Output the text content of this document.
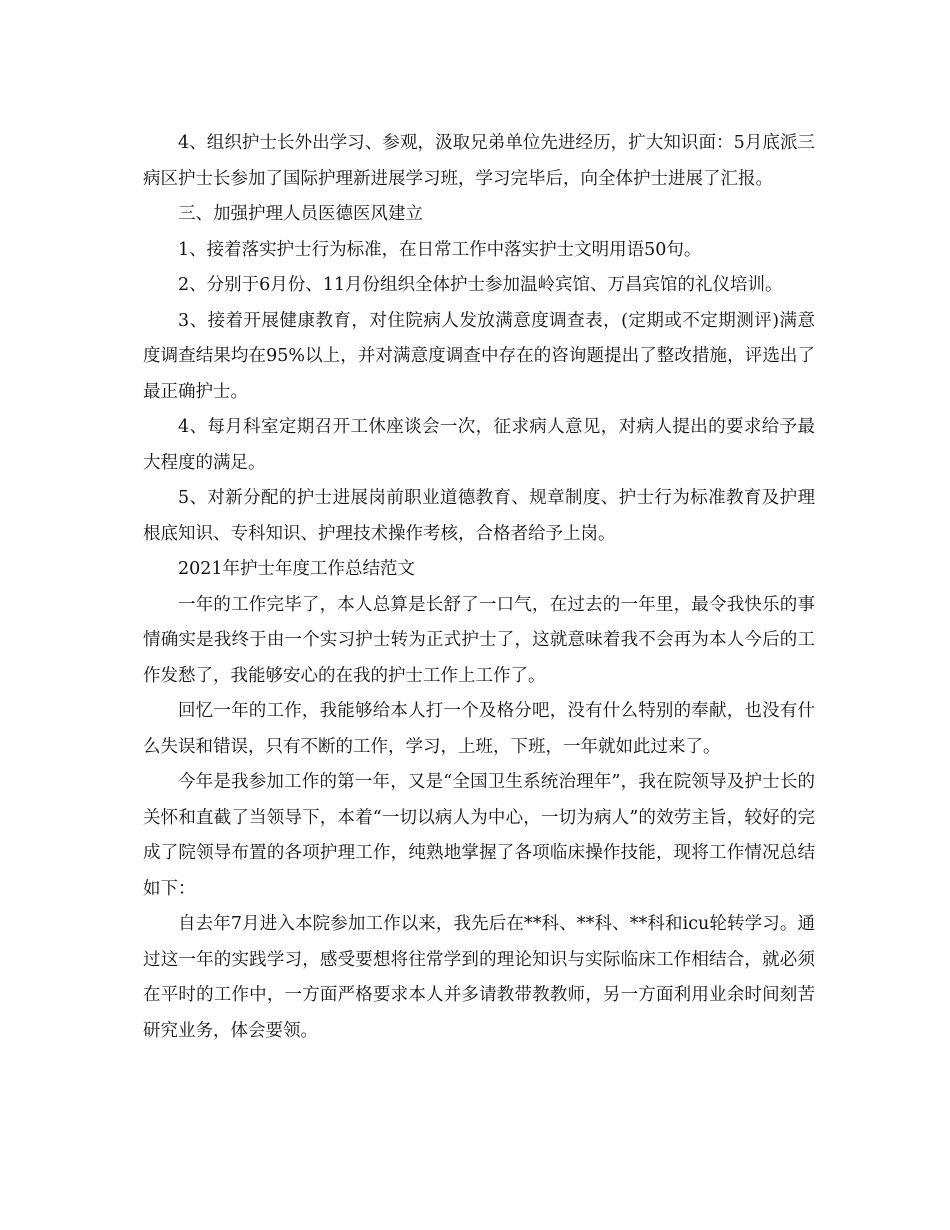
4、组织护士长外出学习、参观，汲取兄弟单位先进经历，扩大知识面：5月底派三病区护士长参加了国际护理新进展学习班，学习完毕后，向全体护士进展了汇报。

三、加强护理人员医德医风建立

1、接着落实护士行为标准，在日常工作中落实护士文明用语50句。

2、分别于6月份、11月份组织全体护士参加温岭宾馆、万昌宾馆的礼仪培训。

3、接着开展健康教育，对住院病人发放满意度调查表，(定期或不定期测评)满意度调查结果均在95%以上，并对满意度调查中存在的咨询题提出了整改措施，评选出了最正确护士。

4、每月科室定期召开工休座谈会一次，征求病人意见，对病人提出的要求给予最大程度的满足。

5、对新分配的护士进展岗前职业道德教育、规章制度、护士行为标准教育及护理根底知识、专科知识、护理技术操作考核，合格者给予上岗。

2021年护士年度工作总结范文

一年的工作完毕了，本人总算是长舒了一口气，在过去的一年里，最令我快乐的事情确实是我终于由一个实习护士转为正式护士了，这就意味着我不会再为本人今后的工作发愁了，我能够安心的在我的护士工作上工作了。

回忆一年的工作，我能够给本人打一个及格分吧，没有什么特别的奉献，也没有什么失误和错误，只有不断的工作，学习，上班，下班，一年就如此过来了。

今年是我参加工作的第一年，又是“全国卫生系统治理年”，我在院领导及护士长的关怀和直截了当领导下，本着“一切以病人为中心，一切为病人”的效劳主旨，较好的完成了院领导布置的各项护理工作，纯熟地掌握了各项临床操作技能，现将工作情况总结如下：

自去年7月进入本院参加工作以来，我先后在**科、**科、**科和icu轮转学习。通过这一年的实践学习，感受要想将往常学到的理论知识与实际临床工作相结合，就必须在平时的工作中，一方面严格要求本人并多请教带教教师，另一方面利用业余时间刻苦研究业务，体会要领。
